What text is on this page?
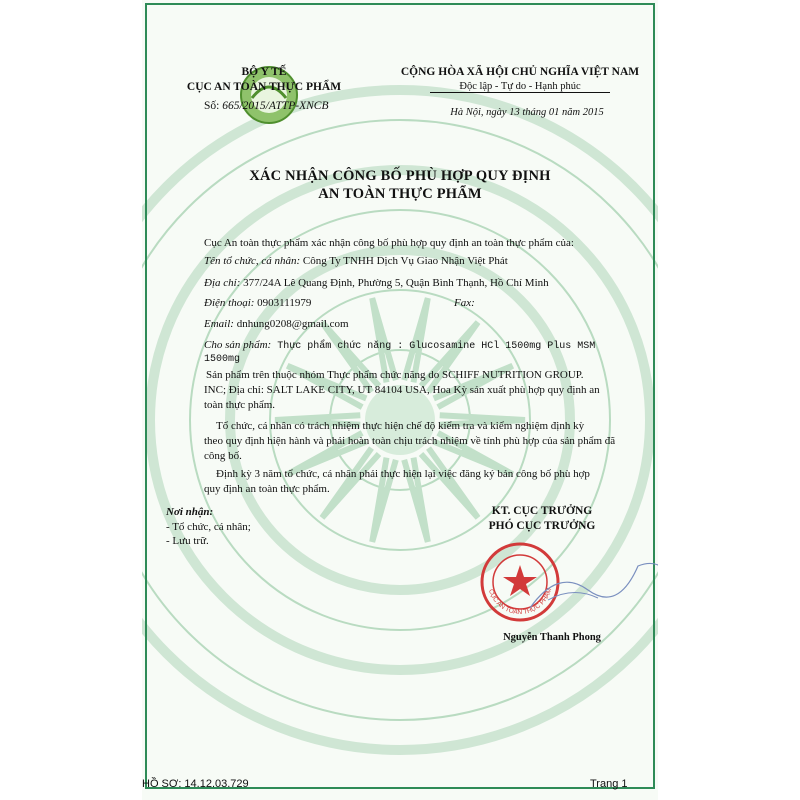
BỘ Y TẾ
CỤC AN TOÀN THỰC PHẨM
Số: 665/2015/ATTP-XNCB
CỘNG HÒA XÃ HỘI CHỦ NGHĨA VIỆT NAM
Độc lập - Tự do - Hạnh phúc
Hà Nội, ngày 13 tháng 01 năm 2015
XÁC NHẬN CÔNG BỐ PHÙ HỢP QUY ĐỊNH
AN TOÀN THỰC PHẨM
Cục An toàn thực phẩm xác nhận công bố phù hợp quy định an toàn thực phẩm của:
Tên tổ chức, cá nhân: Công Ty TNHH Dịch Vụ Giao Nhận Việt Phát
Địa chỉ: 377/24A Lê Quang Định, Phường 5, Quận Bình Thạnh, Hồ Chí Minh
Điện thoại: 0903111979	Fax:
Email: dnhung0208@gmail.com
Cho sản phẩm: Thực phẩm chức năng : Glucosamine HCl 1500mg Plus MSM
1500mg
Sản phẩm trên thuộc nhóm Thực phẩm chức năng do SCHIFF NUTRITION GROUP.
INC; Địa chỉ: SALT LAKE CITY, UT 84104 USA, Hoa Kỳ sản xuất phù hợp quy định an
toàn thực phẩm.
Tổ chức, cá nhân có trách nhiệm thực hiện chế độ kiểm tra và kiểm nghiệm định kỳ
theo quy định hiện hành và phải hoàn toàn chịu trách nhiệm về tính phù hợp của sản phẩm đã
công bố.
Định kỳ 3 năm tổ chức, cá nhân phải thực hiện lại việc đăng ký bản công bố phù hợp
quy định an toàn thực phẩm.
Nơi nhận:
- Tổ chức, cá nhân;
- Lưu trữ.
KT. CỤC TRƯỞNG
PHÓ CỤC TRƯỞNG
CỤC AN TOÀN THỰC PHẨM
Nguyễn Thanh Phong
HỒ SƠ: 14.12.03.729	Trang 1
